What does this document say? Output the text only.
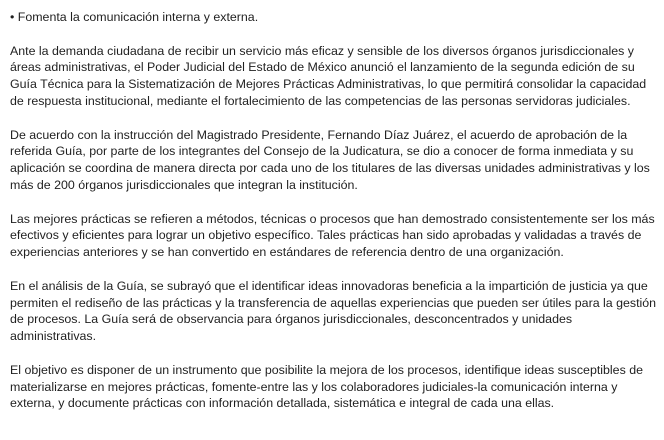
• Fomenta la comunicación interna y externa.

Ante la demanda ciudadana de recibir un servicio más eficaz y sensible de los diversos órganos jurisdiccionales y áreas administrativas, el Poder Judicial del Estado de México anunció el lanzamiento de la segunda edición de su Guía Técnica para la Sistematización de Mejores Prácticas Administrativas, lo que permitirá consolidar la capacidad de respuesta institucional, mediante el fortalecimiento de las competencias de las personas servidoras judiciales.

De acuerdo con la instrucción del Magistrado Presidente, Fernando Díaz Juárez, el acuerdo de aprobación de la referida Guía, por parte de los integrantes del Consejo de la Judicatura, se dio a conocer de forma inmediata y su aplicación se coordina de manera directa por cada uno de los titulares de las diversas unidades administrativas y los más de 200 órganos jurisdiccionales que integran la institución.

Las mejores prácticas se refieren a métodos, técnicas o procesos que han demostrado consistentemente ser los más efectivos y eficientes para lograr un objetivo específico. Tales prácticas han sido aprobadas y validadas a través de experiencias anteriores y se han convertido en estándares de referencia dentro de una organización.

En el análisis de la Guía, se subrayó que el identificar ideas innovadoras beneficia a la impartición de justicia ya que permiten el rediseño de las prácticas y la transferencia de aquellas experiencias que pueden ser útiles para la gestión de procesos. La Guía será de observancia para órganos jurisdiccionales, desconcentrados y unidades administrativas.

El objetivo es disponer de un instrumento que posibilite la mejora de los procesos, identifique ideas susceptibles de materializarse en mejores prácticas, fomente-entre las y los colaboradores judiciales-la comunicación interna y externa, y documente prácticas con información detallada, sistemática e integral de cada una ellas.
